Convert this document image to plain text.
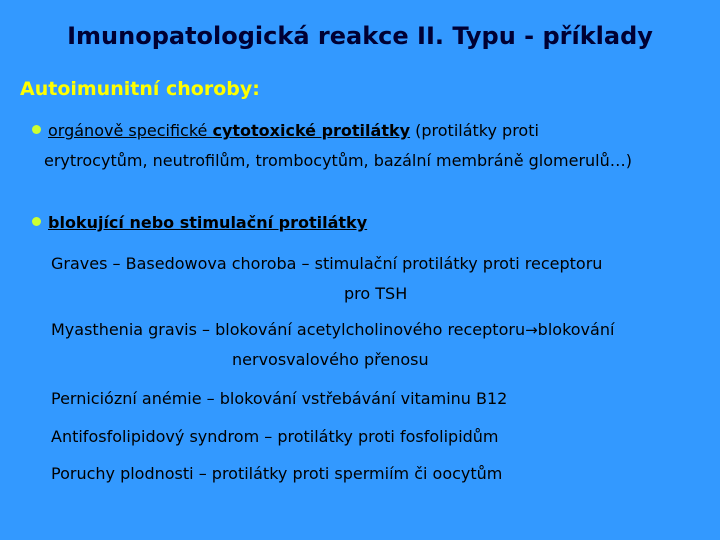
Imunopatologická reakce II. Typu - příklady
Autoimunitní choroby:
orgánově specifické cytotoxické protilátky (protilátky proti
erytrocytům, neutrofilům, trombocytům, bazální membráně glomerulů…)
blokující nebo stimulační protilátky
Graves – Basedowova choroba – stimulační protilátky proti receptoru
pro TSH
Myasthenia gravis – blokování acetylcholinového receptoru→blokování
nervosvalového přenosu
Perniciózní anémie – blokování vstřebávání vitaminu B12
Antifosfolipidový syndrom – protilátky proti fosfolipidům
Poruchy plodnosti – protilátky proti spermiím či oocytům
